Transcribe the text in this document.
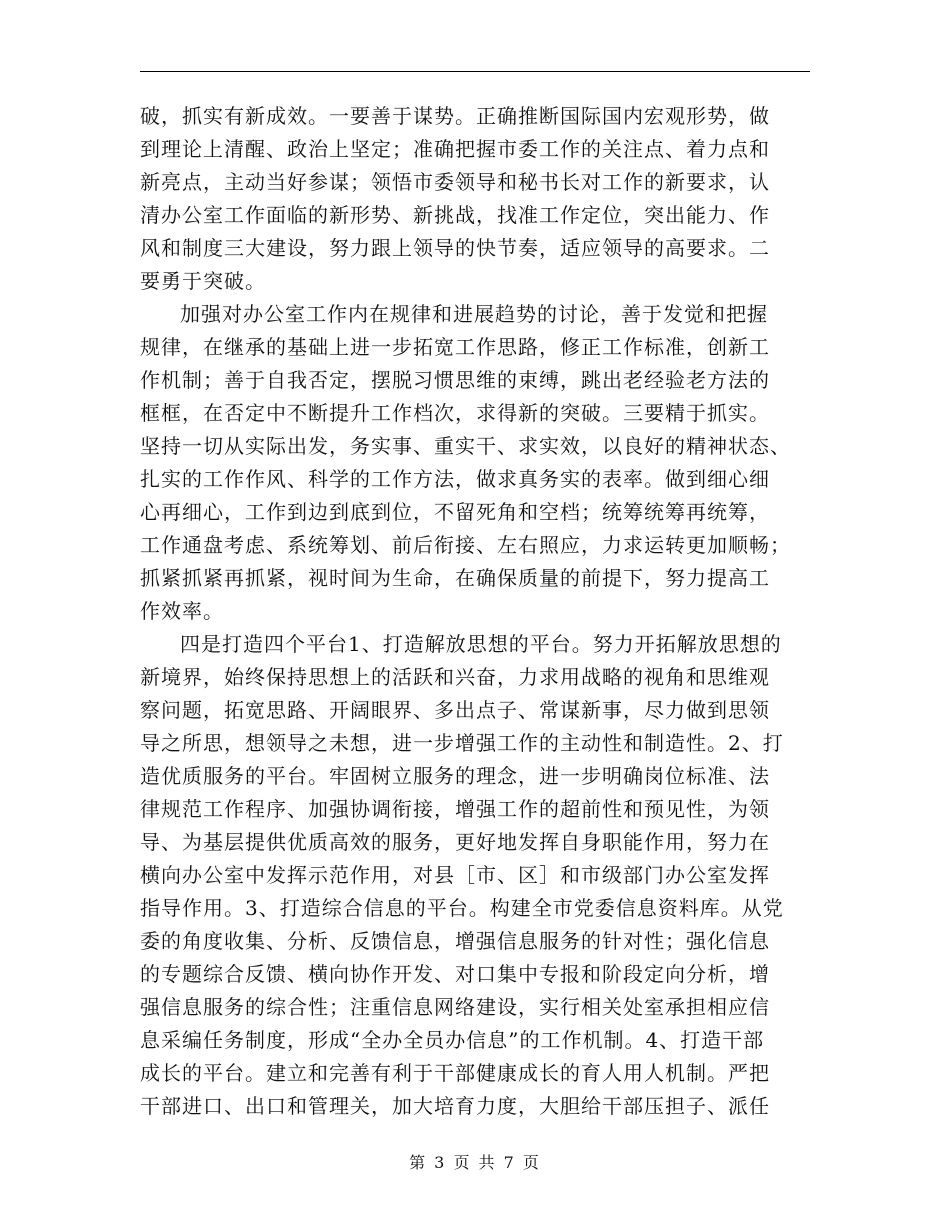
破，抓实有新成效。一要善于谋势。正确推断国际国内宏观形势，做
到理论上清醒、政治上坚定；准确把握市委工作的关注点、着力点和
新亮点，主动当好参谋；领悟市委领导和秘书长对工作的新要求，认
清办公室工作面临的新形势、新挑战，找准工作定位，突出能力、作
风和制度三大建设，努力跟上领导的快节奏，适应领导的高要求。二
要勇于突破。
加强对办公室工作内在规律和进展趋势的讨论，善于发觉和把握
规律，在继承的基础上进一步拓宽工作思路，修正工作标准，创新工
作机制；善于自我否定，摆脱习惯思维的束缚，跳出老经验老方法的
框框，在否定中不断提升工作档次，求得新的突破。三要精于抓实。
坚持一切从实际出发，务实事、重实干、求实效，以良好的精神状态、
扎实的工作作风、科学的工作方法，做求真务实的表率。做到细心细
心再细心，工作到边到底到位，不留死角和空档；统筹统筹再统筹，
工作通盘考虑、系统筹划、前后衔接、左右照应，力求运转更加顺畅；
抓紧抓紧再抓紧，视时间为生命，在确保质量的前提下，努力提高工
作效率。
四是打造四个平台1、打造解放思想的平台。努力开拓解放思想的
新境界，始终保持思想上的活跃和兴奋，力求用战略的视角和思维观
察问题，拓宽思路、开阔眼界、多出点子、常谋新事，尽力做到思领
导之所思，想领导之未想，进一步增强工作的主动性和制造性。2、打
造优质服务的平台。牢固树立服务的理念，进一步明确岗位标准、法
律规范工作程序、加强协调衔接，增强工作的超前性和预见性，为领
导、为基层提供优质高效的服务，更好地发挥自身职能作用，努力在
横向办公室中发挥示范作用，对县［市、区］和市级部门办公室发挥
指导作用。3、打造综合信息的平台。构建全市党委信息资料库。从党
委的角度收集、分析、反馈信息，增强信息服务的针对性；强化信息
的专题综合反馈、横向协作开发、对口集中专报和阶段定向分析，增
强信息服务的综合性；注重信息网络建设，实行相关处室承担相应信
息采编任务制度，形成“全办全员办信息”的工作机制。4、打造干部
成长的平台。建立和完善有利于干部健康成长的育人用人机制。严把
干部进口、出口和管理关，加大培育力度，大胆给干部压担子、派任
第 3 页 共 7 页
